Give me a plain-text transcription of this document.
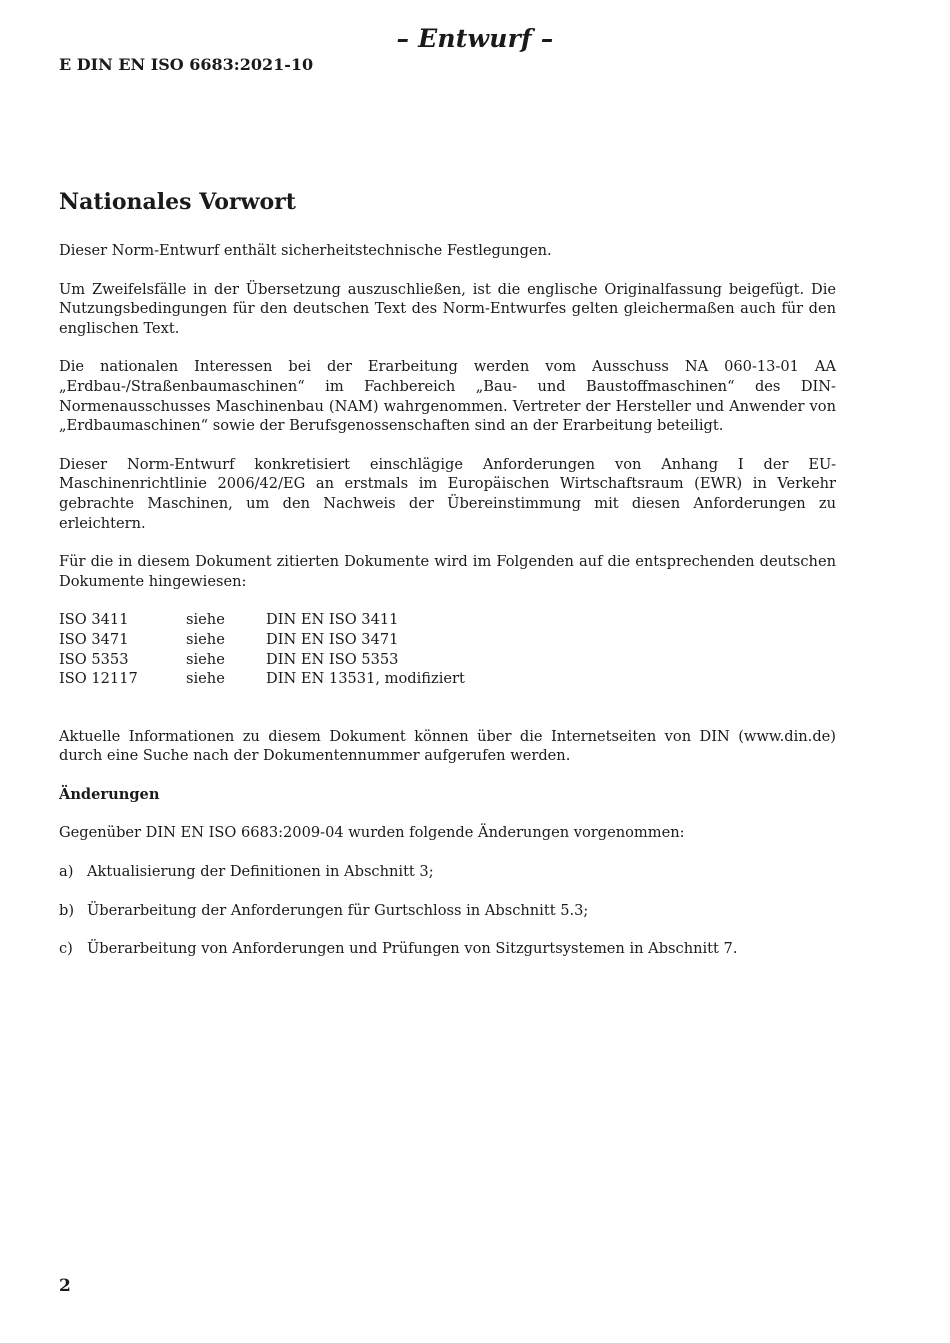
– Entwurf –
E DIN EN ISO 6683:2021-10
Nationales Vorwort

Dieser Norm-Entwurf enthält sicherheitstechnische Festlegungen.

Um Zweifelsfälle in der Übersetzung auszuschließen, ist die englische Originalfassung beigefügt. Die Nutzungsbedingungen für den deutschen Text des Norm-Entwurfes gelten gleichermaßen auch für den englischen Text.

Die nationalen Interessen bei der Erarbeitung werden vom Ausschuss NA 060-13-01 AA „Erdbau-/Straßenbaumaschinen“ im Fachbereich „Bau- und Baustoffmaschinen“ des DIN-Normenausschusses Maschinenbau (NAM) wahrgenommen. Vertreter der Hersteller und Anwender von „Erdbaumaschinen“ sowie der Berufsgenossenschaften sind an der Erarbeitung beteiligt.

Dieser Norm-Entwurf konkretisiert einschlägige Anforderungen von Anhang I der EU-Maschinenrichtlinie 2006/42/EG an erstmals im Europäischen Wirtschaftsraum (EWR) in Verkehr gebrachte Maschinen, um den Nachweis der Übereinstimmung mit diesen Anforderungen zu erleichtern.

Für die in diesem Dokument zitierten Dokumente wird im Folgenden auf die entsprechenden deutschen Dokumente hingewiesen:

ISO 3411	siehe	DIN EN ISO 3411
ISO 3471	siehe	DIN EN ISO 3471
ISO 5353	siehe	DIN EN ISO 5353
ISO 12117	siehe	DIN EN 13531, modifiziert

Aktuelle Informationen zu diesem Dokument können über die Internetseiten von DIN (www.din.de) durch eine Suche nach der Dokumentennummer aufgerufen werden.

Änderungen

Gegenüber DIN EN ISO 6683:2009-04 wurden folgende Änderungen vorgenommen:

a) Aktualisierung der Definitionen in Abschnitt 3;
b) Überarbeitung der Anforderungen für Gurtschloss in Abschnitt 5.3;
c) Überarbeitung von Anforderungen und Prüfungen von Sitzgurtsystemen in Abschnitt 7.
2
